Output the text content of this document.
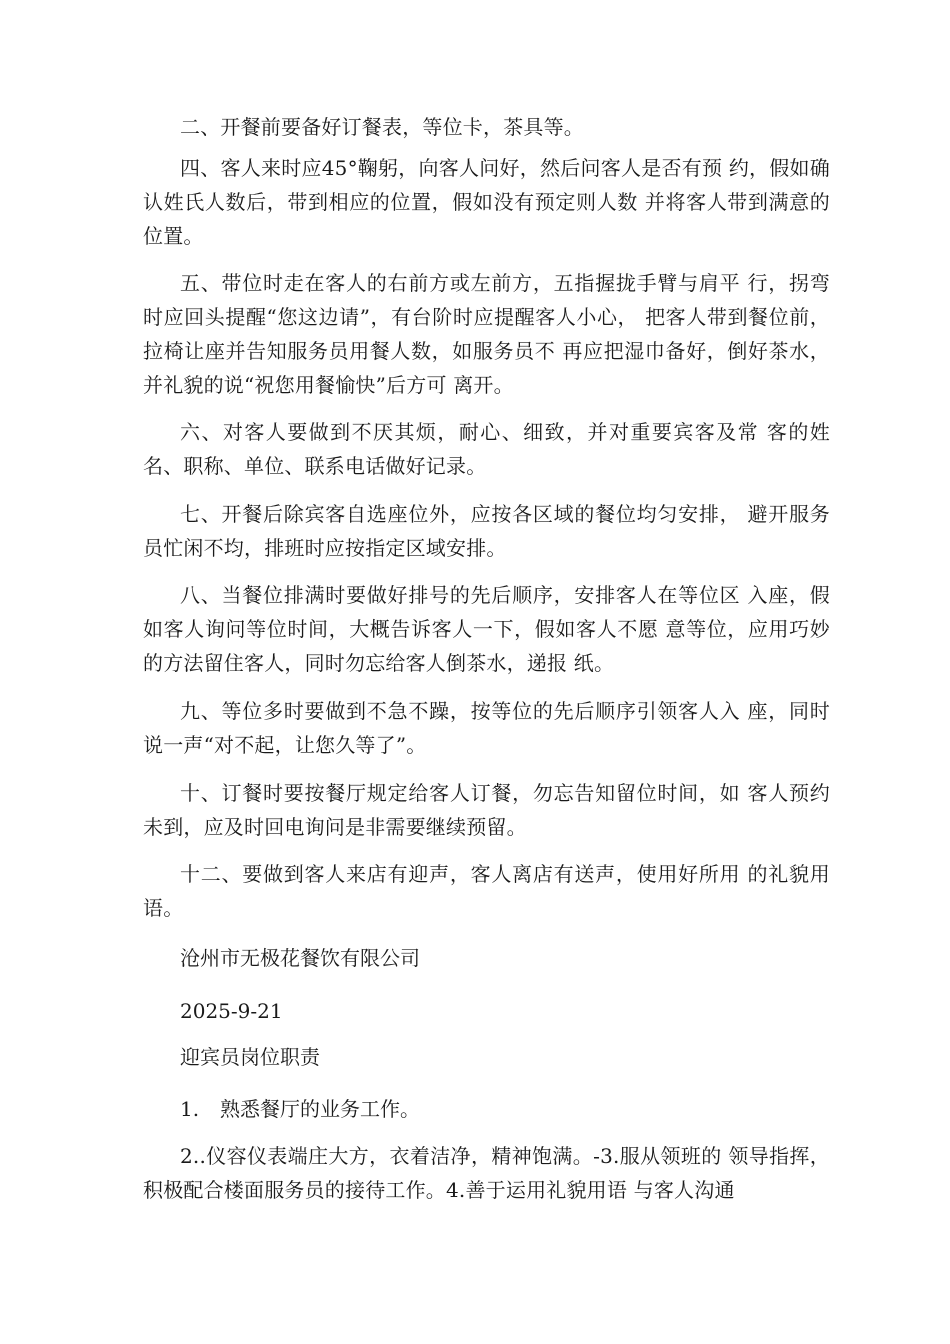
二、开餐前要备好订餐表，等位卡，茶具等。

四、客人来时应45°鞠躬，向客人问好，然后问客人是否有预 约，假如确认姓氏人数后，带到相应的位置，假如没有预定则人数 并将客人带到满意的位置。

五、带位时走在客人的右前方或左前方，五指握拢手臂与肩平 行，拐弯时应回头提醒“您这边请”，有台阶时应提醒客人小心， 把客人带到餐位前，拉椅让座并告知服务员用餐人数，如服务员不 再应把湿巾备好，倒好茶水，并礼貌的说“祝您用餐愉快”后方可 离开。

六、对客人要做到不厌其烦，耐心、细致，并对重要宾客及常 客的姓名、职称、单位、联系电话做好记录。

七、开餐后除宾客自选座位外，应按各区域的餐位均匀安排， 避开服务员忙闲不均，排班时应按指定区域安排。

八、当餐位排满时要做好排号的先后顺序，安排客人在等位区 入座，假如客人询问等位时间，大概告诉客人一下，假如客人不愿 意等位，应用巧妙的方法留住客人，同时勿忘给客人倒茶水，递报 纸。

九、等位多时要做到不急不躁，按等位的先后顺序引领客人入 座，同时说一声“对不起，让您久等了”。

十、订餐时要按餐厅规定给客人订餐，勿忘告知留位时间，如 客人预约未到，应及时回电询问是非需要继续预留。

十二、要做到客人来店有迎声，客人离店有送声，使用好所用 的礼貌用语。

沧州市无极花餐饮有限公司

2025-9-21

迎宾员岗位职责

1. 熟悉餐厅的业务工作。

2..仪容仪表端庄大方，衣着洁净，精神饱满。-3.服从领班的 领导指挥，积极配合楼面服务员的接待工作。4.善于运用礼貌用语 与客人沟通
